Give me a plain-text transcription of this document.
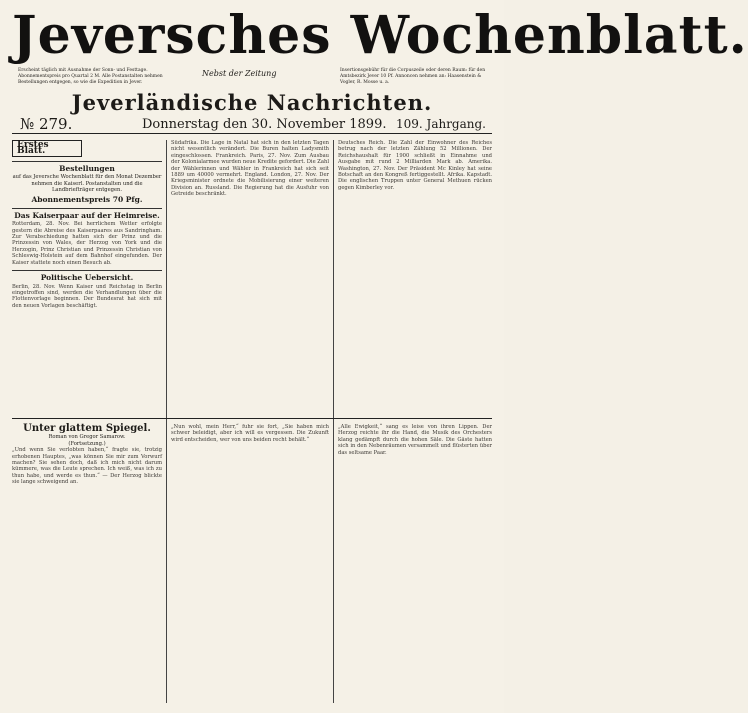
Jeversches Wochenblatt.
Erscheint täglich mit Ausnahme der Sonn- und Festtage. Abonnementspreis pro Quartal 2 M. Alle Postanstalten nehmen Bestellungen entgegen, so wie die Expedition in Jever.
Nebst der Zeitung	Insertionsgebühr für die Corpuszeile oder deren Raum: für den Amtsbezirk Jever 10 Pf. Annoncen nehmen an: Haasenstein & Vogler, R. Mosse u. a.
Jeverländische Nachrichten.
№ 279.	Donnerstag den 30. November 1899. 109. Jahrgang.
Erstes Blatt.
Bestellungen
auf das Jeversche Wochenblatt für den Monat Dezember nehmen die Kaiserl. Postanstalten und die Landbriefträger entgegen.
Abonnementspreis 70 Pfg.
Das Kaiserpaar auf der Heimreise.
Rotterdam, 28. Nov. Bei herrlichem Wetter erfolgte gestern die Abreise des Kaiserpaares aus Sandringham. Zur Verabschiedung hatten sich der Prinz und die Prinzessin von Wales, der Herzog von York und die Herzogin, Prinz Christian und Prinzessin Christian von Schleswig-Holstein auf dem Bahnhof eingefunden. Der Kaiser stattete noch einen Besuch ab.
Politische Uebersicht.
Berlin, 28. Nov. Wenn Kaiser und Reichstag in Berlin eingetroffen sind, werden die Verhandlungen über die Flottenvorlage beginnen. Der Bundesrat hat sich mit den neuen Vorlagen beschäftigt.
Südafrika. Die Lage in Natal hat sich in den letzten Tagen nicht wesentlich verändert. Die Buren halten Ladysmith eingeschlossen. Frankreich. Paris, 27. Nov. Zum Ausbau der Kolonialarmee wurden neue Kredite gefordert. Die Zahl der Wählerinnen und Wähler in Frankreich hat sich seit 1889 um 40000 vermehrt. England. London, 27. Nov. Der Kriegsminister ordnete die Mobilisierung einer weiteren Division an. Russland. Die Regierung hat die Ausfuhr von Getreide beschränkt.
Deutsches Reich. Die Zahl der Einwohner des Reiches betrug nach der letzten Zählung 52 Millionen. Der Reichshaushalt für 1900 schließt in Einnahme und Ausgabe mit rund 2 Milliarden Mark ab. Amerika. Washington, 27. Nov. Der Präsident Mc Kinley hat seine Botschaft an den Kongreß fertiggestellt. Afrika. Kapstadt. Die englischen Truppen unter General Methuen rücken gegen Kimberley vor.
Unter glattem Spiegel.
Roman von Gregor Samarow.
(Fortsetzung.)
„Und wenn Sie verlobten haben,“ fragte sie, trotzig erhobenen Hauptes, „was können Sie mir zum Vorwurf machen? Sie sehen doch, daß ich mich nicht darum kümmere, was die Leute sprechen. Ich weiß, was ich zu thun habe, und werde es thun.“ — Der Herzog blickte sie lange schweigend an.
„Nun wohl, mein Herr,“ fuhr sie fort, „Sie haben mich schwer beleidigt, aber ich will es vergessen. Die Zukunft wird entscheiden, wer von uns beiden recht behält.“
„Alle Ewigkeit,“ sang es leise von ihren Lippen. Der Herzog reichte ihr die Hand, die Musik des Orchesters klang gedämpft durch die hohen Säle. Die Gäste hatten sich in den Nebenräumen versammelt und flüsterten über das seltsame Paar.
